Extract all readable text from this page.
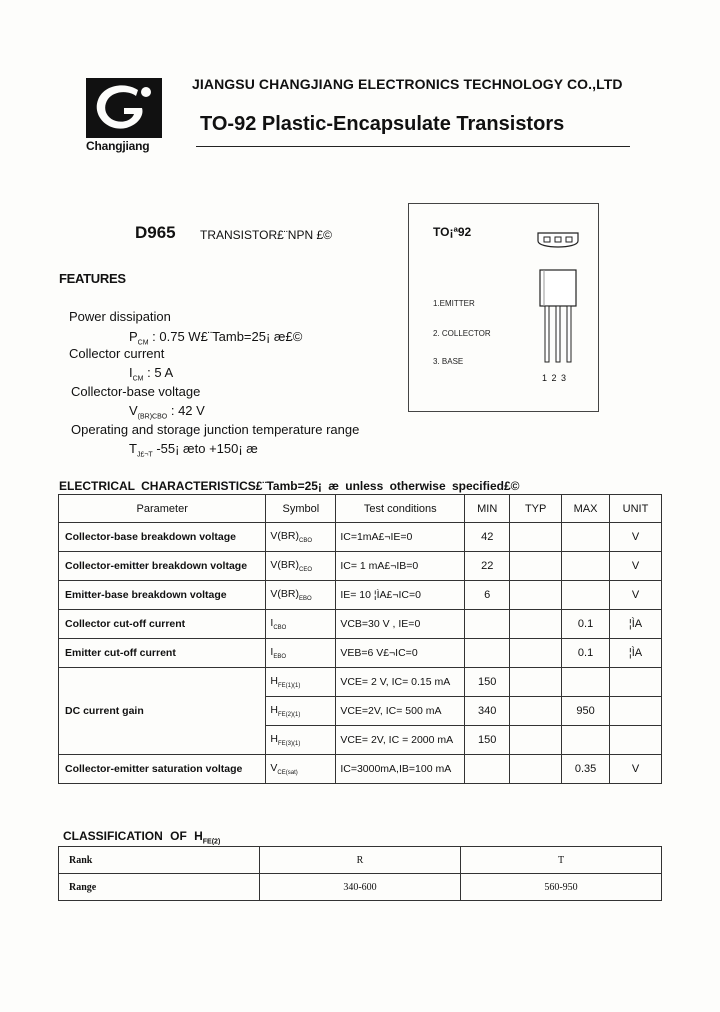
Changjiang
JIANGSU CHANGJIANG ELECTRONICS TECHNOLOGY CO.,LTD
TO-92 Plastic-Encapsulate Transistors
D965 TRANSISTOR£¨NPN £©
FEATURES
Power dissipation
$P_{CM}$ : 0.75 W£¨Tamb=25¡ æ£©
Collector current
$I_{CM}$ : 5 A
Collector-base voltage
$V_{(BR)CBO}$ : 42 V
Operating and storage junction temperature range
$T_{J£\neg T}$ -55¡ æto +150¡ æ
TO¡ª92
1.EMITTER
2. COLLECTOR
3. BASE
1 2 3
ELECTRICAL CHARACTERISTICS£¨Tamb=25¡ æ unless otherwise specified£©
Parameter	Symbol	Test conditions	MIN	TYP	MAX	UNIT
Collector-base breakdown voltage	$V(BR)_{CBO}$	IC=1mA£¬IE=0	42			V
Collector-emitter breakdown voltage	$V(BR)_{CEO}$	IC= 1 mA£¬IB=0	22			V
Emitter-base breakdown voltage	$V(BR)_{EBO}$	IE= 10 ¦ÌA£¬IC=0	6			V
Collector cut-off current	$I_{CBO}$	VCB=30 V , IE=0			0.1	¦ÌA
Emitter cut-off current	$I_{EBO}$	VEB=6 V£¬IC=0			0.1	¦ÌA
DC current gain	$H_{FE(1)(1)}$	VCE= 2 V, IC= 0.15 mA	150			
	$H_{FE(2)(1)}$	VCE=2V, IC= 500 mA	340		950	
	$H_{FE(3)(1)}$	VCE= 2V, IC = 2000 mA	150			
Collector-emitter saturation voltage	$V_{CE(sat)}$	IC=3000mA,IB=100 mA			0.35	V
CLASSIFICATION OF $H_{FE(2)}$
Rank	R	T
Range	340-600	560-950
